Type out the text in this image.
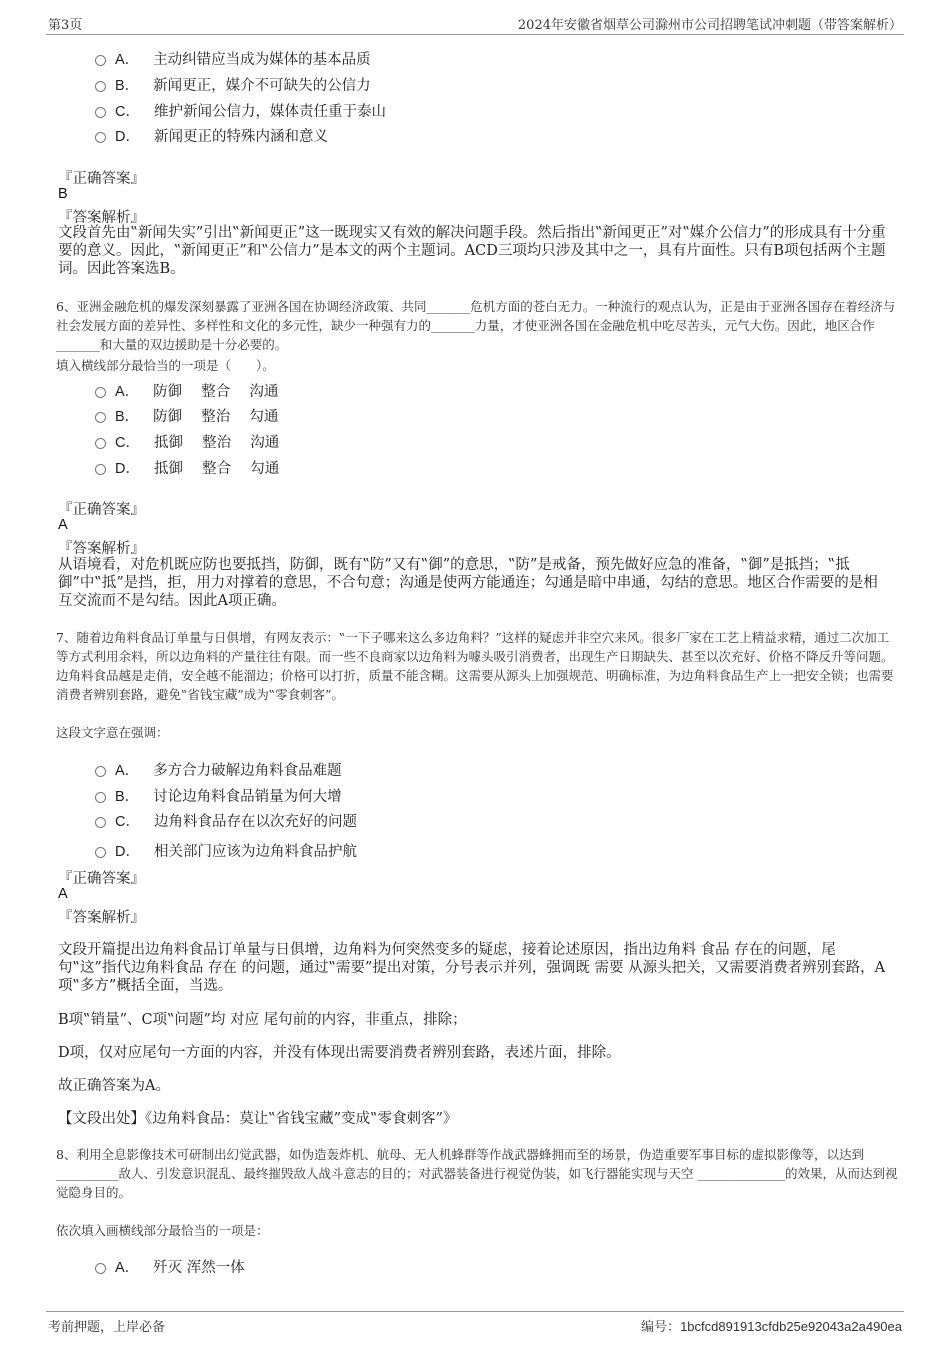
第3页	2024年安徽省烟草公司滁州市公司招聘笔试冲刺题（带答案解析）
A． 主动纠错应当成为媒体的基本品质
B． 新闻更正，媒介不可缺失的公信力
C． 维护新闻公信力，媒体责任重于泰山
D． 新闻更正的特殊内涵和意义
『正确答案』
B
『答案解析』
文段首先由‟新闻失实”引出‟新闻更正”这一既现实又有效的解决问题手段。然后指出‟新闻更正”对‟媒介公信力”的形成具有十分重要的意义。因此，‟新闻更正”和‟公信力”是本文的两个主题词。ACD三项均只涉及其中之一，具有片面性。只有B项包括两个主题词。因此答案选B。
6、亚洲金融危机的爆发深刻暴露了亚洲各国在协调经济政策、共同_______危机方面的苍白无力。一种流行的观点认为，正是由于亚洲各国存在着经济与社会发展方面的差异性、多样性和文化的多元性，缺少一种强有力的_______力量，才使亚洲各国在金融危机中吃尽苦头，元气大伤。因此，地区合作_______和大量的双边援助是十分必要的。
填入横线部分最恰当的一项是（　　）。
A． 防御　 整合　 沟通
B． 防御　 整治　 勾通
C． 抵御　 整治　 沟通
D． 抵御　 整合　 勾通
『正确答案』
A
『答案解析』
从语境看，对危机既应防也要抵挡，防御，既有‟防”又有‟御”的意思，‟防”是戒备，预先做好应急的准备，‟御”是抵挡；‟抵御”中‟抵”是挡，拒，用力对撑着的意思，不合句意；沟通是使两方能通连；勾通是暗中串通，勾结的意思。地区合作需要的是相互交流而不是勾结。因此A项正确。
7、随着边角料食品订单量与日俱增，有网友表示：‟一下子哪来这么多边角料？”这样的疑虑并非空穴来风。很多厂家在工艺上精益求精，通过二次加工等方式利用余料，所以边角料的产量往往有限。而一些不良商家以边角料为噱头吸引消费者，出现生产日期缺失、甚至以次充好、价格不降反升等问题。边角料食品越是走俏，安全越不能溜边；价格可以打折，质量不能含糊。这需要从源头上加强规范、明确标准，为边角料食品生产上一把安全锁；也需要消费者辨别套路，避免‟省钱宝藏”成为‟零食刺客”。
这段文字意在强调：
A． 多方合力破解边角料食品难题
B． 讨论边角料食品销量为何大增
C． 边角料食品存在以次充好的问题
D． 相关部门应该为边角料食品护航
『正确答案』
A
『答案解析』
文段开篇提出边角料食品订单量与日俱增，边角料为何突然变多的疑虑，接着论述原因，指出边角料 食品 存在的问题，尾句‟这”指代边角料食品 存在 的问题，通过‟需要”提出对策，分号表示并列，强调既 需要 从源头把关，又需要消费者辨别套路，A项‟多方”概括全面，当选。
B项‟销量”、C项‟问题”均 对应 尾句前的内容，非重点，排除；
D项，仅对应尾句一方面的内容，并没有体现出需要消费者辨别套路，表述片面，排除。
故正确答案为A。
【文段出处】《边角料食品：莫让‟省钱宝藏”变成‟零食刺客”》
8、利用全息影像技术可研制出幻觉武器，如伪造轰炸机、航母、无人机蜂群等作战武器蜂拥而至的场景，伪造重要军事目标的虚拟影像等，以达到 __________敌人、引发意识混乱、最终摧毁敌人战斗意志的目的；对武器装备进行视觉伪装，如飞行器能实现与天空 ______________的效果，从而达到视觉隐身目的。
依次填入画横线部分最恰当的一项是：
A． 歼灭 浑然一体
考前押题，上岸必备	编号：1bcfcd891913cfdb25e92043a2a490ea
